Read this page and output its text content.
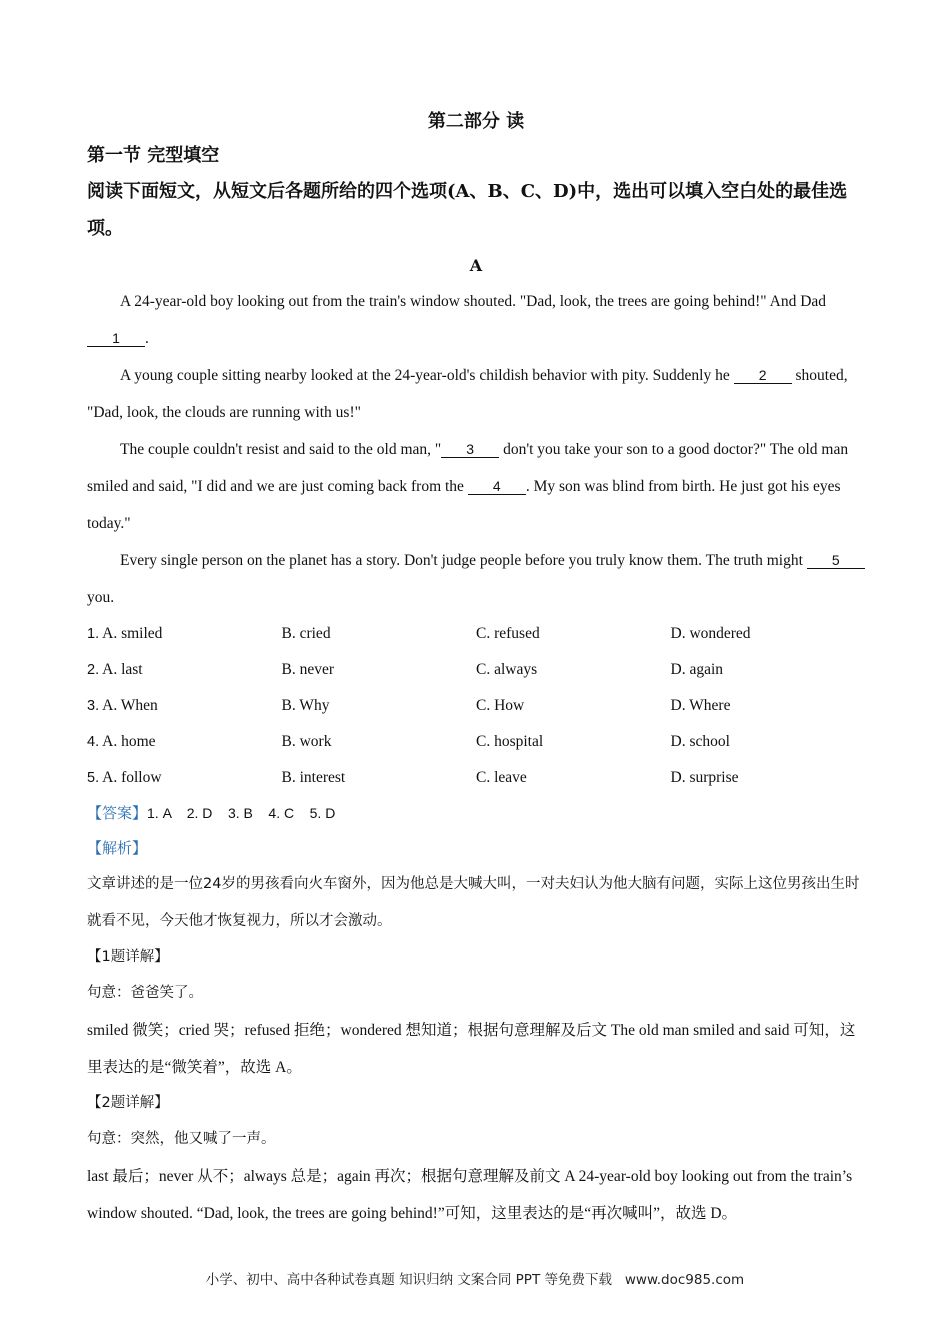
第二部分 读
第一节 完型填空
阅读下面短文，从短文后各题所给的四个选项(A、B、C、D)中，选出可以填入空白处的最佳选项。
A

A 24-year-old boy looking out from the train's window shouted. "Dad, look, the trees are going behind!" And Dad 1 .

A young couple sitting nearby looked at the 24-year-old's childish behavior with pity. Suddenly he 2 shouted, "Dad, look, the clouds are running with us!"

The couple couldn't resist and said to the old man, " 3 don't you take your son to a good doctor?" The old man smiled and said, "I did and we are just coming back from the 4 . My son was blind from birth. He just got his eyes today."

Every single person on the planet has a story. Don't judge people before you truly know them. The truth might 5 you.

1. A. smiled	B. cried	C. refused	D. wondered
2. A. last	B. never	C. always	D. again
3. A. When	B. Why	C. How	D. Where
4. A. home	B. work	C. hospital	D. school
5. A. follow	B. interest	C. leave	D. surprise
【答案】1. A    2. D    3. B    4. C    5. D
【解析】

文章讲述的是一位24岁的男孩看向火车窗外，因为他总是大喊大叫，一对夫妇认为他大脑有问题，实际上这位男孩出生时就看不见，今天他才恢复视力，所以才会激动。

【1题详解】

句意：爸爸笑了。

smiled 微笑；cried 哭；refused 拒绝；wondered 想知道；根据句意理解及后文 The old man smiled and said 可知，这里表达的是“微笑着”，故选 A。

【2题详解】

句意：突然，他又喊了一声。

last 最后；never 从不；always 总是；again 再次；根据句意理解及前文 A 24-year-old boy looking out from the train’s window shouted. “Dad, look, the trees are going behind!”可知，这里表达的是“再次喊叫”，故选 D。

小学、初中、高中各种试卷真题 知识归纳 文案合同 PPT 等免费下载   www.doc985.com
